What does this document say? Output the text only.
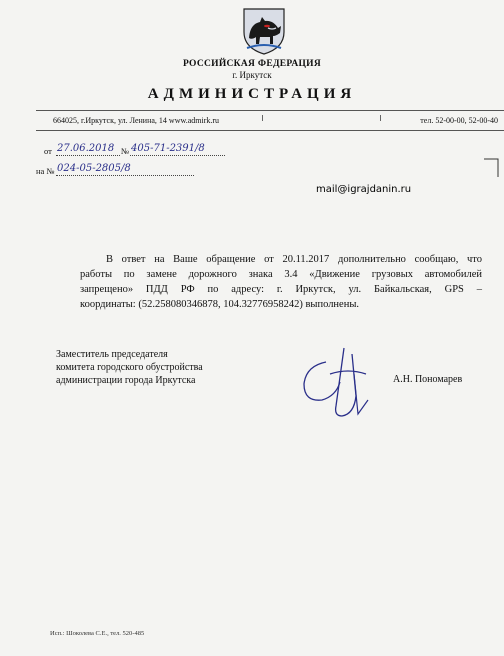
РОССИЙСКАЯ ФЕДЕРАЦИЯ
г. Иркутск
АДМИНИСТРАЦИЯ
664025, г.Иркутск, ул. Ленина, 14 www.admirk.ru	тел. 52-00-00, 52-00-40
от 27.06.2018 № 405-71-2391/8
на № 024-05-2805/8
mail@igrajdanin.ru
В ответ на Ваше обращение от 20.11.2017 дополнительно сообщаю, что
работы по замене дорожного знака 3.4 «Движение грузовых автомобилей
запрещено» ПДД РФ по адресу: г. Иркутск, ул. Байкальская, GPS –
координаты: (52.258080346878, 104.32776958242) выполнены.
Заместитель председателя
комитета городского обустройства
администрации города Иркутска	А.Н. Пономарев
Исп.: Шоколева С.Е., тел. 520-485
